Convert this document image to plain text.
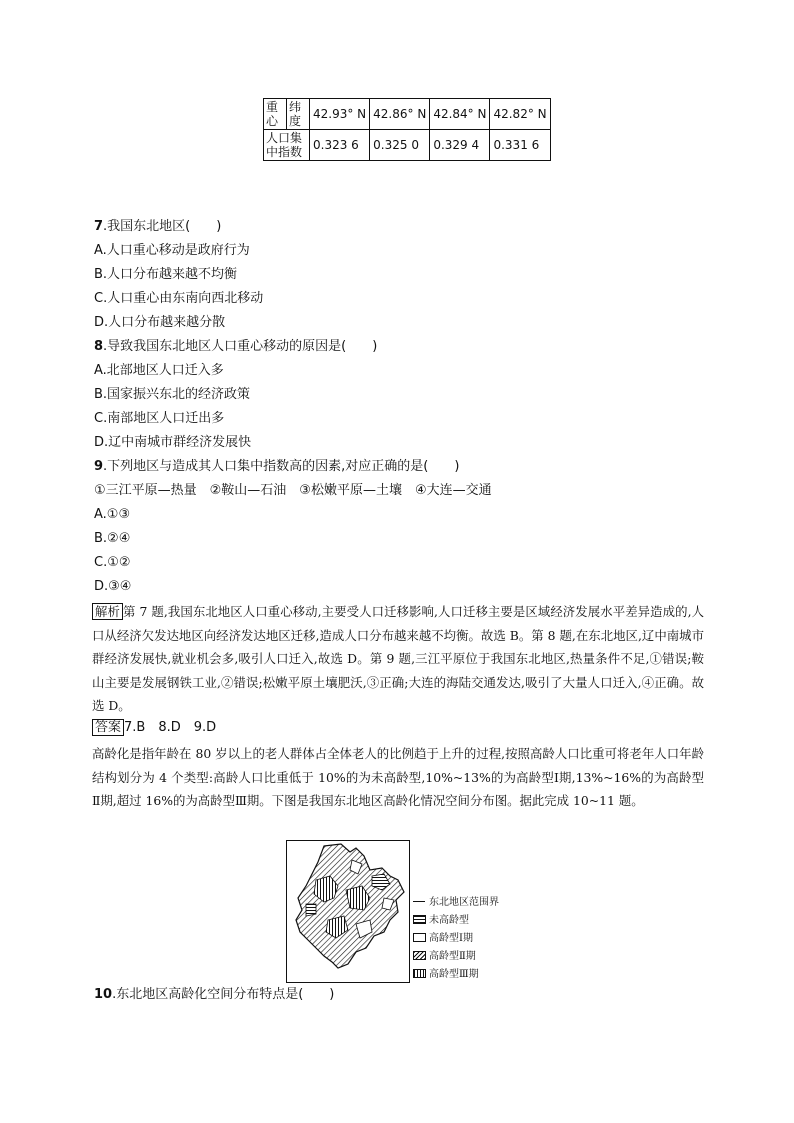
重心	纬度	42.93° N	42.86° N	42.84° N	42.82° N
人口集中指数		0.323 6	0.325 0	0.329 4	0.331 6
7.我国东北地区(　　)
A.人口重心移动是政府行为
B.人口分布越来越不均衡
C.人口重心由东南向西北移动
D.人口分布越来越分散
8.导致我国东北地区人口重心移动的原因是(　　)
A.北部地区人口迁入多
B.国家振兴东北的经济政策
C.南部地区人口迁出多
D.辽中南城市群经济发展快
9.下列地区与造成其人口集中指数高的因素,对应正确的是(　　)
①三江平原—热量　②鞍山—石油　③松嫩平原—土壤　④大连—交通
A.①③
B.②④
C.①②
D.③④
解析 第 7 题,我国东北地区人口重心移动,主要受人口迁移影响,人口迁移主要是区域经济发展水平差异造成的,人口从经济欠发达地区向经济发达地区迁移,造成人口分布越来越不均衡。故选 B。第 8 题,在东北地区,辽中南城市群经济发展快,就业机会多,吸引人口迁入,故选 D。第 9 题,三江平原位于我国东北地区,热量条件不足,①错误;鞍山主要是发展钢铁工业,②错误;松嫩平原土壤肥沃,③正确;大连的海陆交通发达,吸引了大量人口迁入,④正确。故选 D。
答案 7.B　8.D　9.D
高龄化是指年龄在 80 岁以上的老人群体占全体老人的比例趋于上升的过程,按照高龄人口比重可将老年人口年龄结构划分为 4 个类型:高龄人口比重低于 10%的为未高龄型,10%~13%的为高龄型Ⅰ期,13%~16%的为高龄型Ⅱ期,超过 16%的为高龄型Ⅲ期。下图是我国东北地区高龄化情况空间分布图。据此完成 10~11 题。
东北地区范围界
未高龄型
高龄型Ⅰ期
高龄型Ⅱ期
高龄型Ⅲ期
10.东北地区高龄化空间分布特点是(　　)
